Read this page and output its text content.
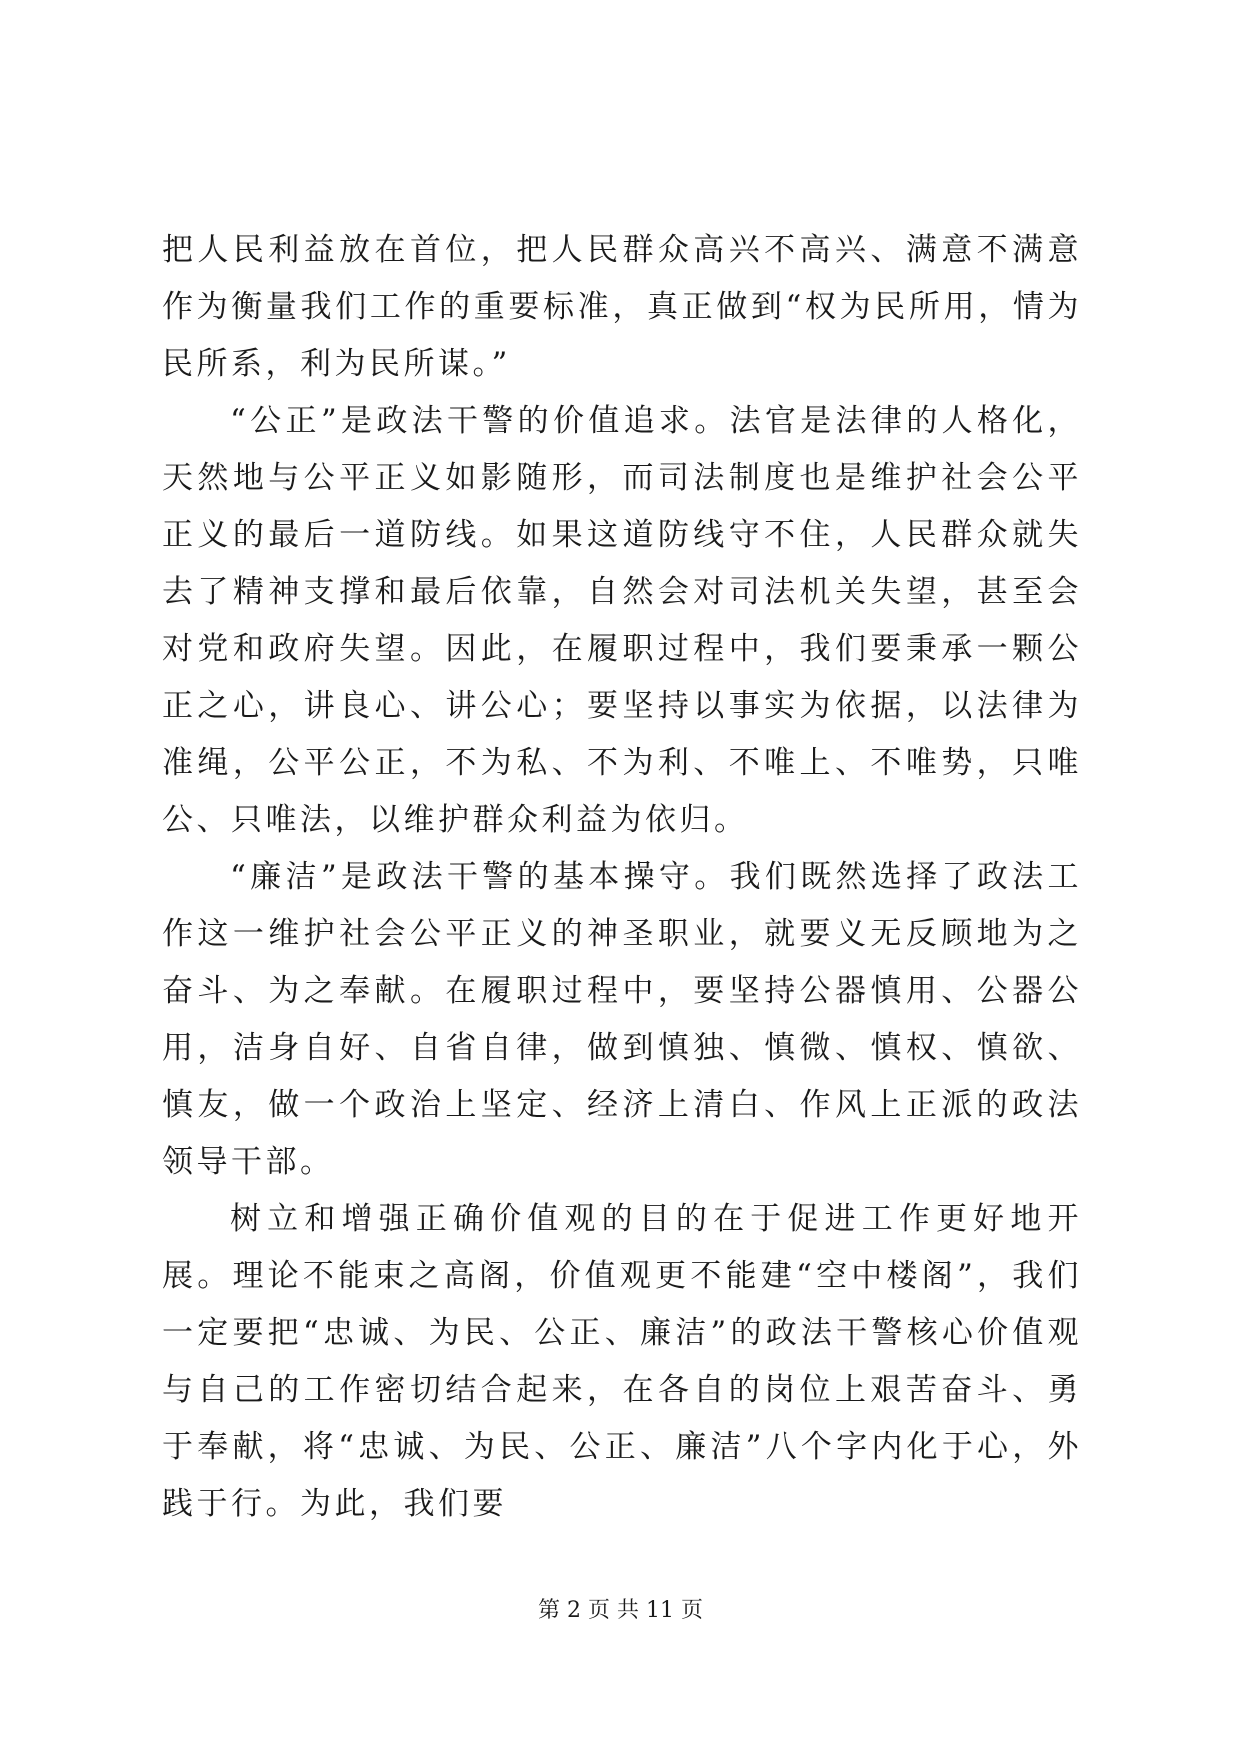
把人民利益放在首位，把人民群众高兴不高兴、满意不满意作为衡量我们工作的重要标准，真正做到“权为民所用，情为民所系，利为民所谋。”

“公正”是政法干警的价值追求。法官是法律的人格化，天然地与公平正义如影随形，而司法制度也是维护社会公平正义的最后一道防线。如果这道防线守不住，人民群众就失去了精神支撑和最后依靠，自然会对司法机关失望，甚至会对党和政府失望。因此，在履职过程中，我们要秉承一颗公正之心，讲良心、讲公心；要坚持以事实为依据，以法律为准绳，公平公正，不为私、不为利、不唯上、不唯势，只唯公、只唯法，以维护群众利益为依归。

“廉洁”是政法干警的基本操守。我们既然选择了政法工作这一维护社会公平正义的神圣职业，就要义无反顾地为之奋斗、为之奉献。在履职过程中，要坚持公器慎用、公器公用，洁身自好、自省自律，做到慎独、慎微、慎权、慎欲、慎友，做一个政治上坚定、经济上清白、作风上正派的政法领导干部。

树立和增强正确价值观的目的在于促进工作更好地开展。理论不能束之高阁，价值观更不能建“空中楼阁”，我们一定要把“忠诚、为民、公正、廉洁”的政法干警核心价值观与自己的工作密切结合起来，在各自的岗位上艰苦奋斗、勇于奉献，将“忠诚、为民、公正、廉洁”八个字内化于心，外践于行。为此，我们要

第 2 页 共 11 页
